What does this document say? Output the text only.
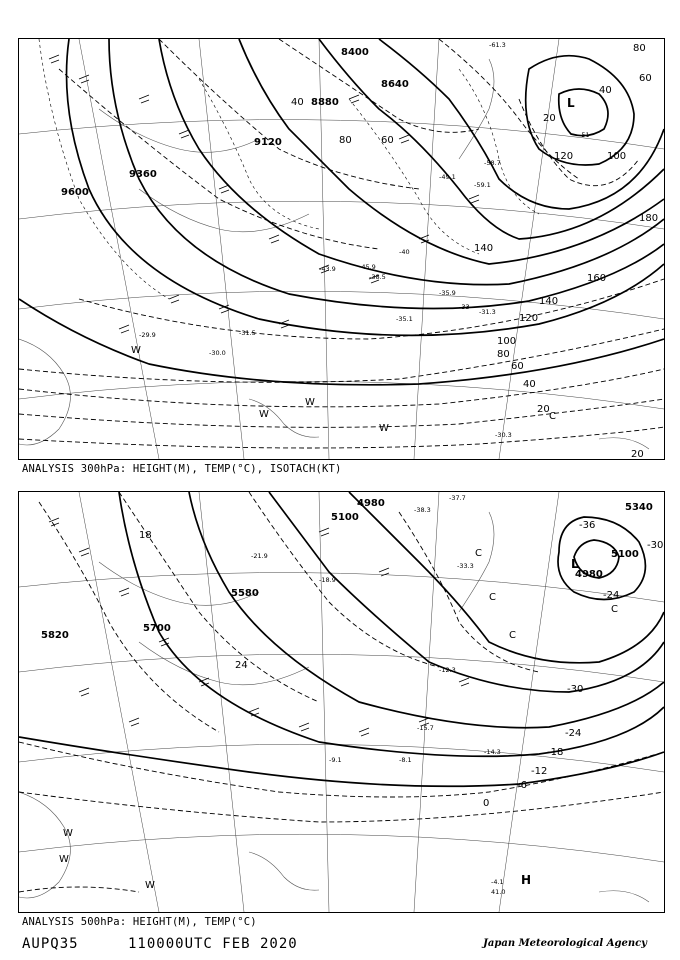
8400
8640
8880
9120
9360
9600
80
60
40
20
140
120
100
80
60
40
20
180
160
140
120	100
80	60
40
20
-61.3
-59.1
-58.7
-51
-49.1
-45.9
-43.9
-40
-38.5
-35.9
-33
-31.3
-29.9
-35.1
-31.5
-30.0
-30.3
L
W
W
W
W
C
ANALYSIS 300hPa: HEIGHT(M), TEMP(°C), ISOTACH(KT)
4980
5100
5340
5100
5580
5700
5820
4980
-37.7
-38.3
-33.3
-30
-24
-18
-12
-6
0
-36
-30
-24
-21.9
-18.9
-12.3
-8.1
-9.1
-15.7
-14.3
-4.1
41.0
18
24
L
H
C
C
C
C
W
W
W
ANALYSIS 500hPa: HEIGHT(M), TEMP(°C)
AUPQ35	110000UTC FEB 2020	Japan Meteorological Agency
